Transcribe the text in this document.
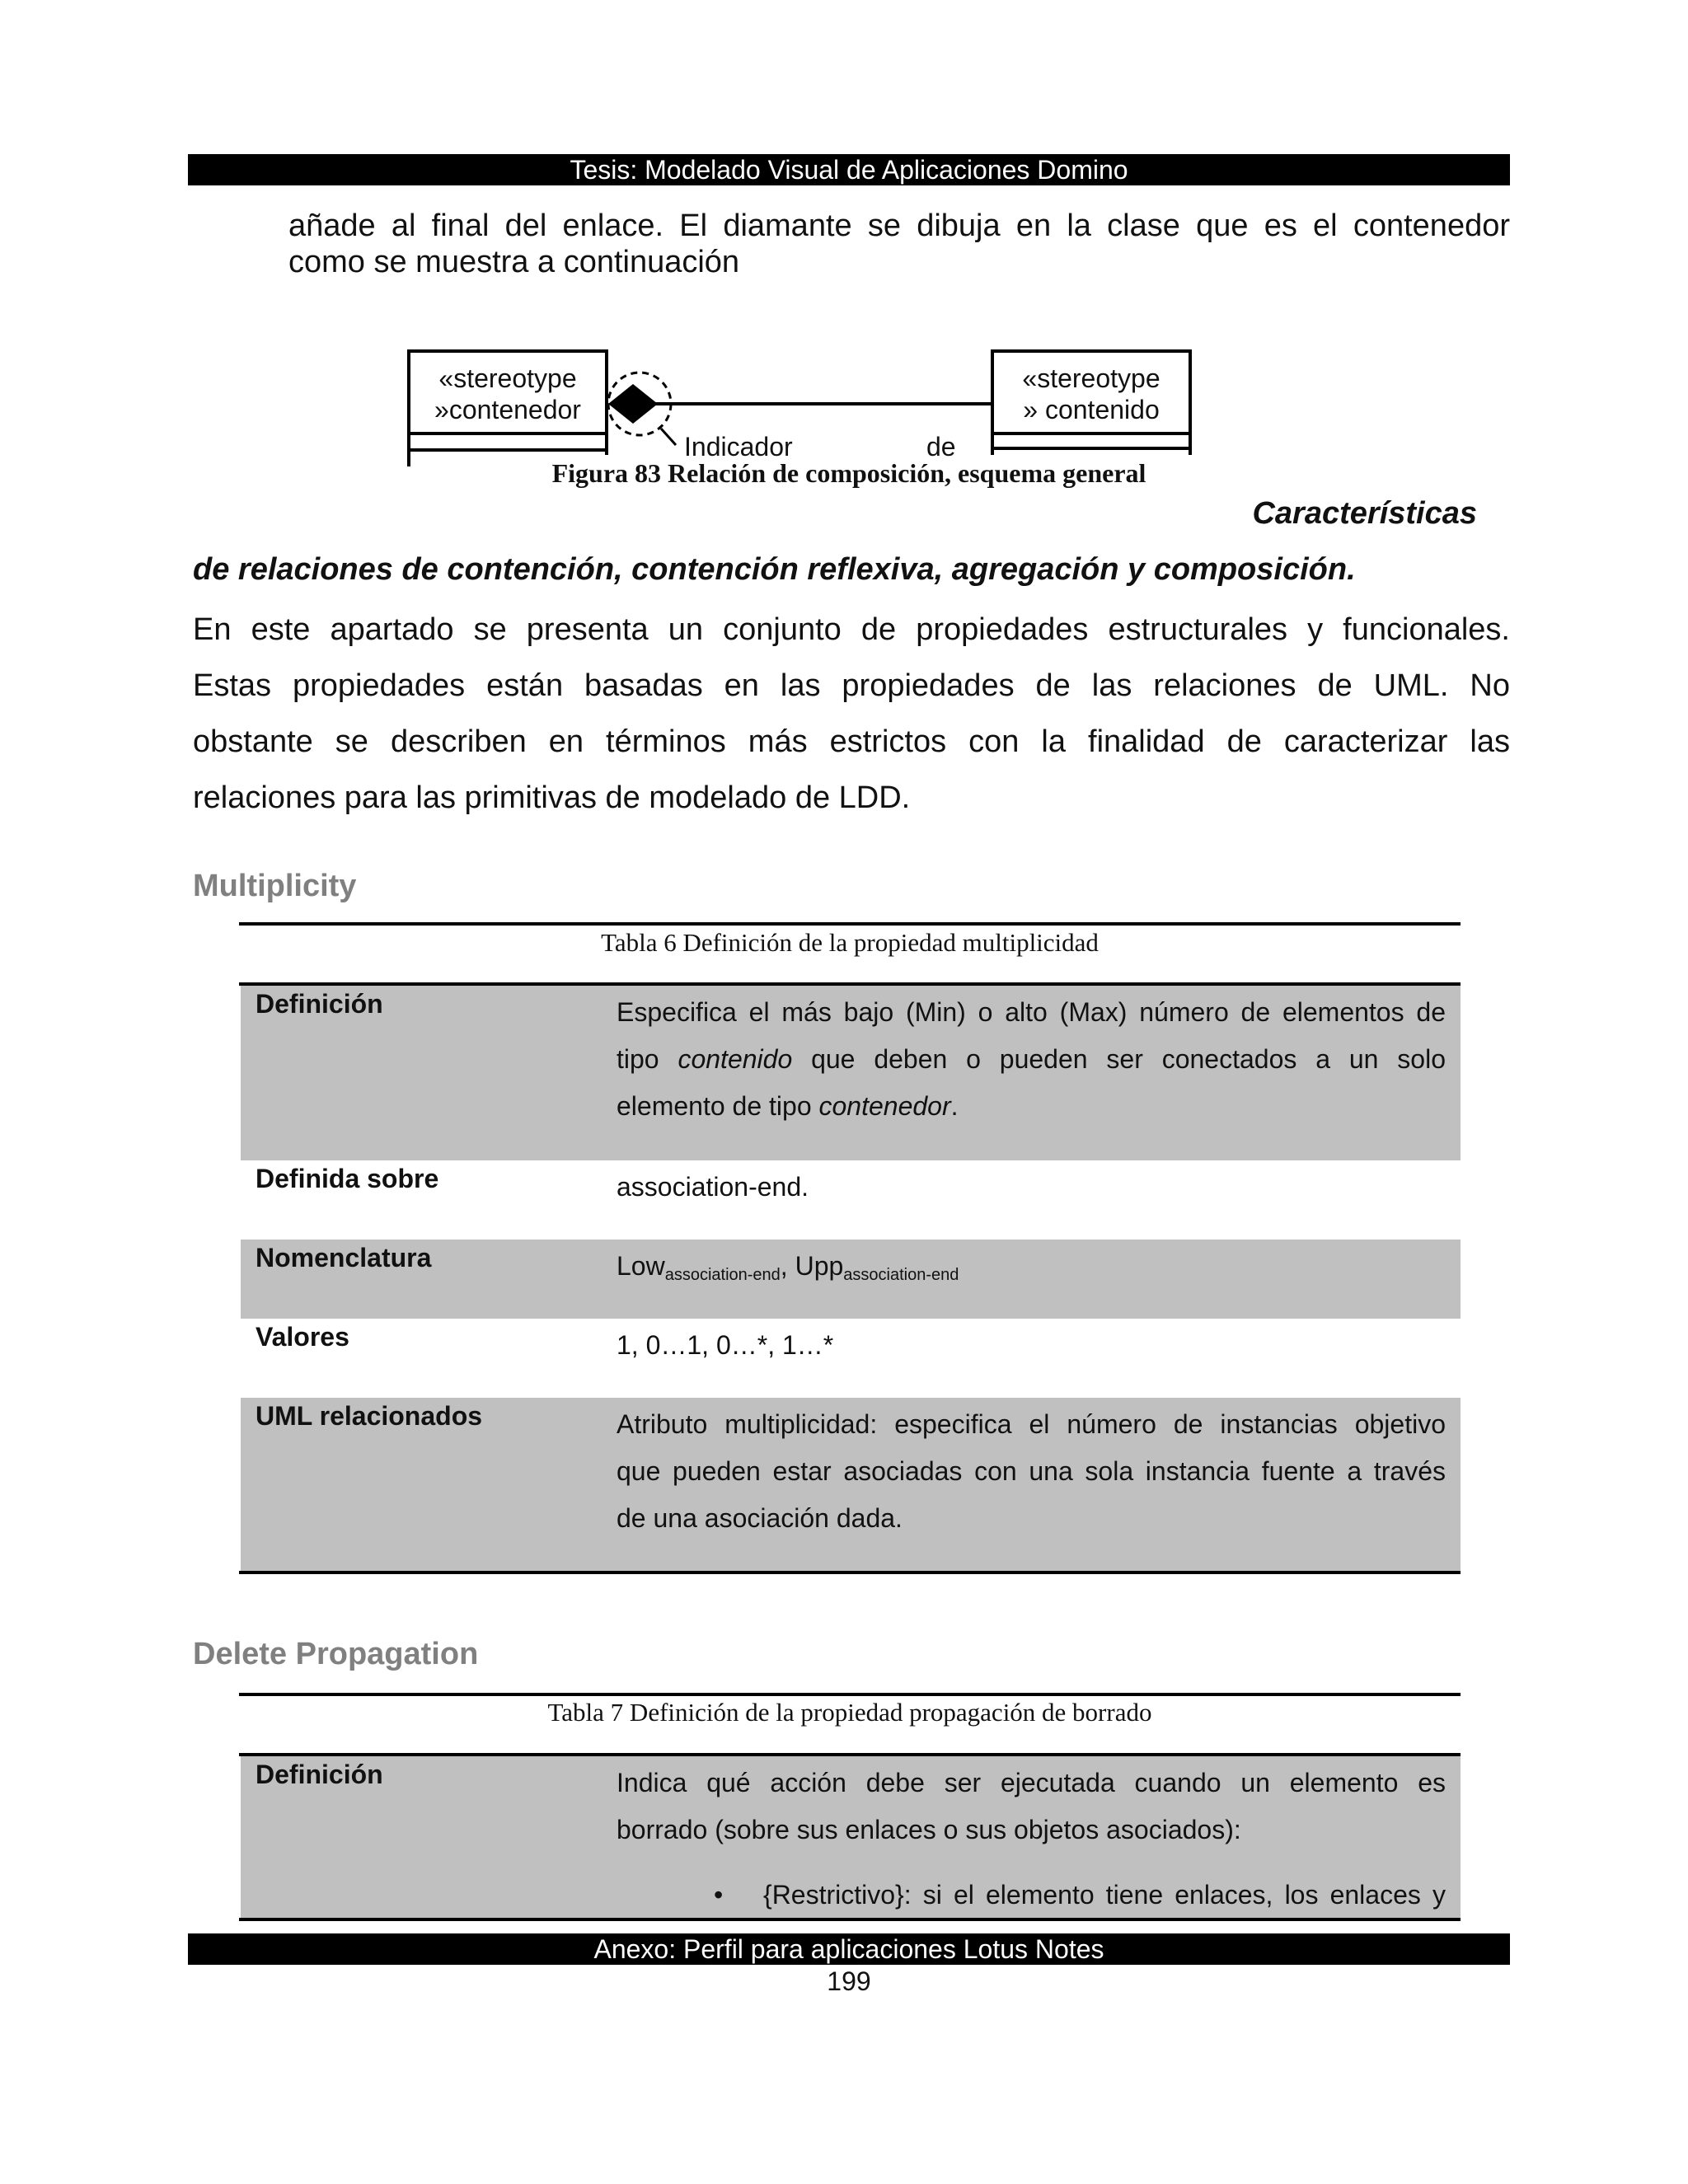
Tesis: Modelado Visual de Aplicaciones Domino
añade al final del enlace. El diamante se dibuja en la clase que es el contenedor
como se muestra a continuación
«stereotype
»contenedor
«stereotype
» contenido
Indicador	de
Figura 83 Relación de composición, esquema general
Características
de relaciones de contención, contención reflexiva, agregación y composición.
En este apartado se presenta un conjunto de propiedades estructurales y funcionales.
Estas propiedades están basadas en las propiedades de las relaciones de UML. No
obstante se describen en términos más estrictos con la finalidad de caracterizar las
relaciones para las primitivas de modelado de LDD.
Multiplicity
Tabla 6 Definición de la propiedad multiplicidad
Definición	Especifica el más bajo (Min) o alto (Max) número de elementos de
tipo contenido que deben o pueden ser conectados a un solo
elemento de tipo contenedor.
Definida sobre	association-end.
Nomenclatura	Low$_{association-end}$, Upp$_{association-end}$
Valores	1, 0…1, 0…*, 1…*
UML relacionados	Atributo multiplicidad: especifica el número de instancias objetivo
que pueden estar asociadas con una sola instancia fuente a través
de una asociación dada.
Delete Propagation
Tabla 7 Definición de la propiedad propagación de borrado
Definición	Indica qué acción debe ser ejecutada cuando un elemento es
borrado (sobre sus enlaces o sus objetos asociados):
• {Restrictivo}: si el elemento tiene enlaces, los enlaces y
Anexo: Perfil para aplicaciones Lotus Notes
199
